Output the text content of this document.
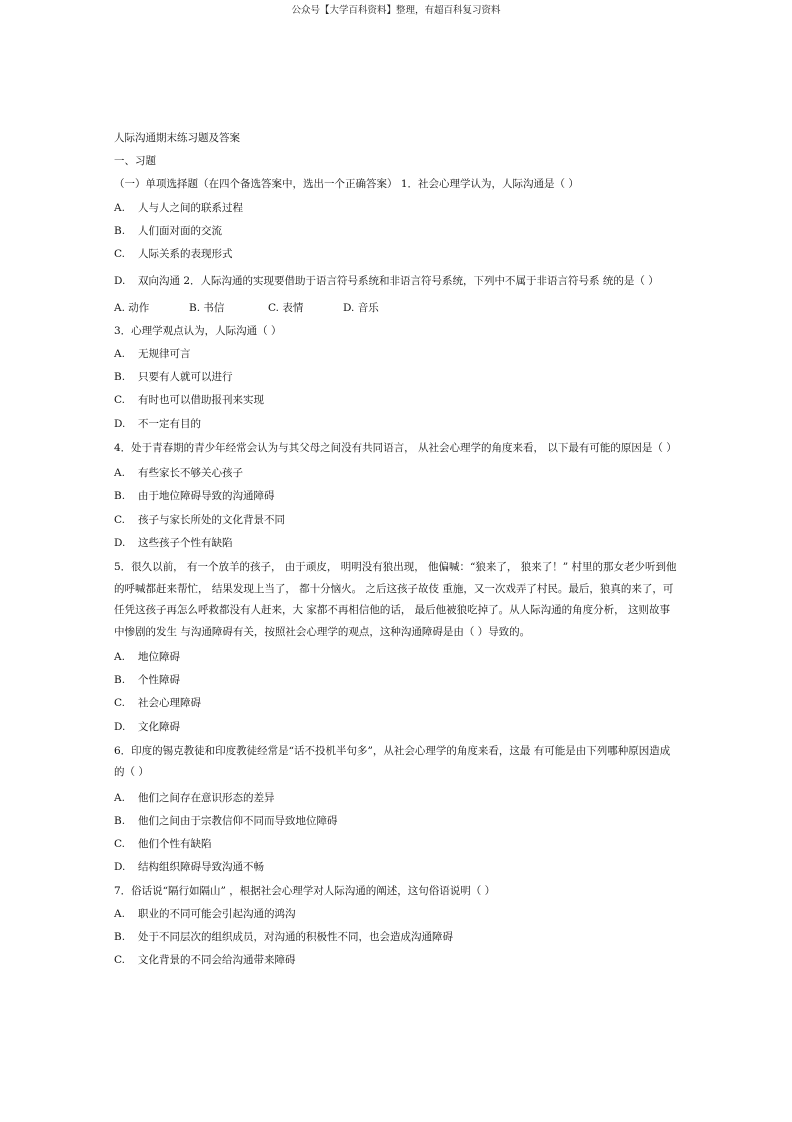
公众号【大学百科资料】整理，有超百科复习资料
人际沟通期末练习题及答案
一、习题
（一）单项选择题（在四个备选答案中，选出一个正确答案） 1．社会心理学认为，人际沟通是（ ）
A. 人与人之间的联系过程
B. 人们面对面的交流
C. 人际关系的表现形式
D. 双向沟通 2．人际沟通的实现要借助于语言符号系统和非语言符号系统，下列中不属于非语言符号系 统的是（ ）
A. 动作	B. 书信	C. 表情	D. 音乐
3．心理学观点认为，人际沟通（ ）
A. 无规律可言
B. 只要有人就可以进行
C. 有时也可以借助报刊来实现
D. 不一定有目的
4．处于青春期的青少年经常会认为与其父母之间没有共同语言， 从社会心理学的角度来看， 以下最有可能的原因是（ ）
A. 有些家长不够关心孩子
B. 由于地位障碍导致的沟通障碍
C. 孩子与家长所处的文化背景不同
D. 这些孩子个性有缺陷
5．很久以前， 有一个放羊的孩子， 由于顽皮， 明明没有狼出现， 他偏喊：“狼来了， 狼来了！” 村里的那女老少听到他的呼喊都赶来帮忙， 结果发现上当了， 都十分恼火。 之后这孩子故伎 重施，又一次戏弄了村民。最后，狼真的来了，可任凭这孩子再怎么呼救都没有人赶来，大 家都不再相信他的话， 最后他被狼吃掉了。从人际沟通的角度分析， 这则故事中惨剧的发生 与沟通障碍有关，按照社会心理学的观点，这种沟通障碍是由（ ）导致的。
A. 地位障碍
B. 个性障碍
C. 社会心理障碍
D. 文化障碍
6．印度的锡克教徒和印度教徒经常是“话不投机半句多”，从社会心理学的角度来看，这最 有可能是由下列哪种原因造成的（ ）
A. 他们之间存在意识形态的差异
B. 他们之间由于宗教信仰不同而导致地位障碍
C. 他们个性有缺陷
D. 结构组织障碍导致沟通不畅
7．俗话说“隔行如隔山” ，根据社会心理学对人际沟通的阐述，这句俗语说明（ ）
A. 职业的不同可能会引起沟通的鸿沟
B. 处于不同层次的组织成员，对沟通的积极性不同，也会造成沟通障碍
C. 文化背景的不同会给沟通带来障碍
